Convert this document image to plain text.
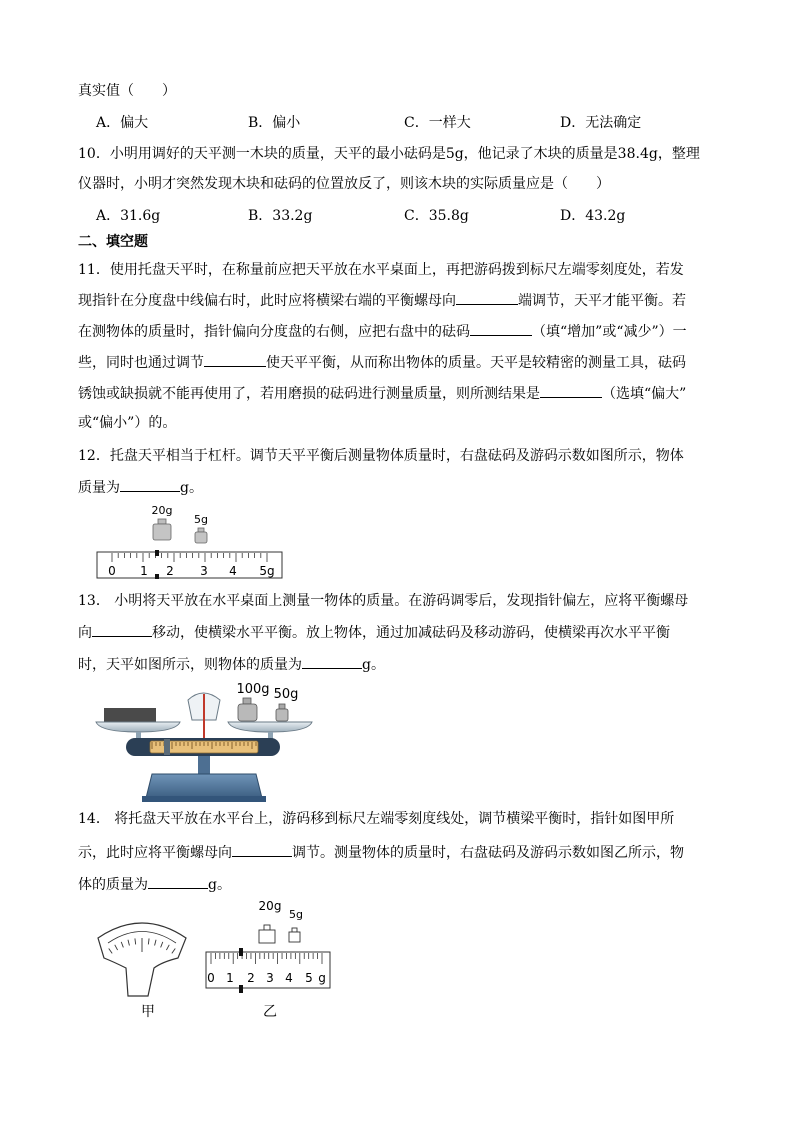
真实值（　　）
A．偏大	B．偏小	C．一样大	D．无法确定
10．小明用调好的天平测一木块的质量，天平的最小砝码是5g，他记录了木块的质量是38.4g，整理
仪器时，小明才突然发现木块和砝码的位置放反了，则该木块的实际质量应是（　　）
A．31.6g	B．33.2g	C．35.8g	D．43.2g
二、填空题
11．使用托盘天平时，在称量前应把天平放在水平桌面上，再把游码拨到标尺左端零刻度处，若发
现指针在分度盘中线偏右时，此时应将横梁右端的平衡螺母向	端调节，天平才能平衡。若
在测物体的质量时，指针偏向分度盘的右侧，应把右盘中的砝码	（填“增加”或“减少”）一
些，同时也通过调节	使天平平衡，从而称出物体的质量。天平是较精密的测量工具，砝码
锈蚀或缺损就不能再使用了，若用磨损的砝码进行测量质量，则所测结果是	（选填“偏大”
或“偏小”）的。
12．托盘天平相当于杠杆。调节天平平衡后测量物体质量时，右盘砝码及游码示数如图所示，物体
质量为	g。
20g
5g
0 1 2 3 4 5g
13． 小明将天平放在水平桌面上测量一物体的质量。在游码调零后，发现指针偏左，应将平衡螺母
向	移动，使横梁水平平衡。放上物体，通过加减砝码及移动游码，使横梁再次水平平衡
时，天平如图所示，则物体的质量为	g。
100g 50g
14． 将托盘天平放在水平台上，游码移到标尺左端零刻度线处，调节横梁平衡时，指针如图甲所
示，此时应将平衡螺母向	调节。测量物体的质量时，右盘砝码及游码示数如图乙所示，物
体的质量为	g。
甲
20g
5g
0 1 2 3 4 5 g
乙
